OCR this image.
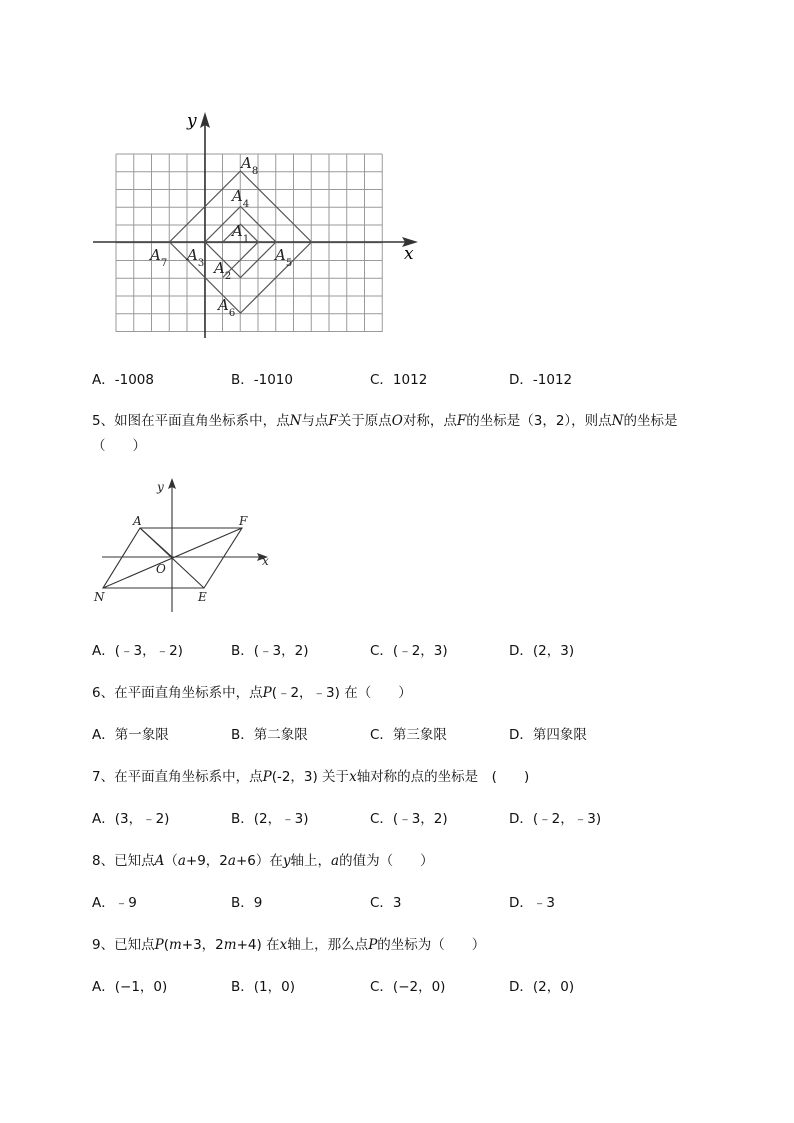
y
x
$A_8$
$A_4$
$A_1$
$A_7$ $A_3$ $A_2$
$A_5$
$A_6$
A．-1008	B．-1010	C．1012	D．-1012
5、如图在平面直角坐标系中，点N与点F关于原点O对称，点F的坐标是（3，2），则点N的坐标是
（　　）
y
x
A	F
O
N	E
A．(﹣3，﹣2)	B．(﹣3，2)	C．(﹣2，3)	D．(2，3)
6、在平面直角坐标系中，点P(﹣2，﹣3) 在（　　）
A．第一象限	B．第二象限	C．第三象限	D．第四象限
7、在平面直角坐标系中，点P(-2，3) 关于x轴对称的点的坐标是　(　　)
A．(3，﹣2)	B．(2，﹣3)	C．(﹣3，2)	D．(﹣2，﹣3)
8、已知点A（a+9，2a+6）在y轴上，a的值为（　　）
A．﹣9	B．9	C．3	D．﹣3
9、已知点P(m+3，2m+4) 在x轴上，那么点P的坐标为（　　）
A．(−1，0)	B．(1，0)	C．(−2，0)	D．(2，0)
